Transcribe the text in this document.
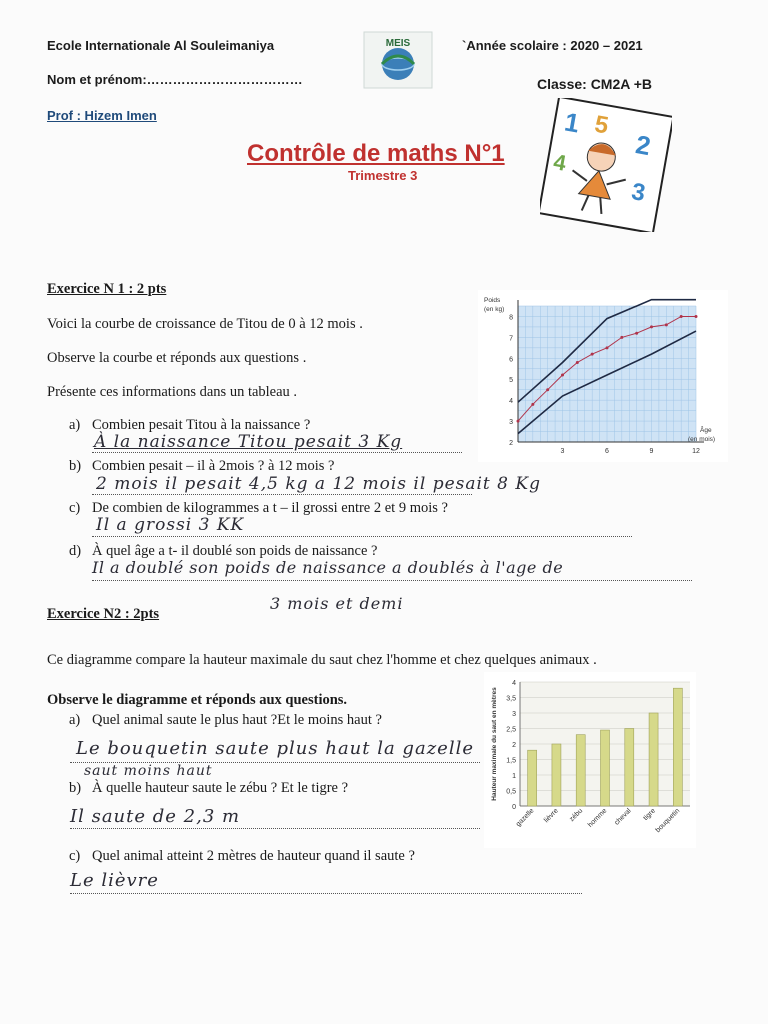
Ecole Internationale Al Souleimaniya
Nom et prénom:………………………………
Prof : Hizem Imen
`Année scolaire : 2020 – 2021
Classe: CM2A +B
MEIS
Contrôle de maths N°1
Trimestre 3
1 5
2
4
3
Exercice N 1 : 2 pts
Voici la courbe de croissance de Titou de 0 à 12 mois .
Observe la courbe et réponds aux questions .
Présente ces informations dans un tableau .
a) Combien pesait Titou à la naissance ?
À la naissance Titou pesait 3 Kg
b) Combien pesait – il à 2mois ? à 12 mois ?
2 mois il pesait 4,5 kg a 12 mois il pesait 8 Kg
c) De combien de kilogrammes a t – il grossi entre 2 et 9 mois ?
Il a grossi 3 KK
d) À quel âge a t- il doublé son poids de naissance ?
Il a doublé son poids de naissance a doublés à l'age de
3 mois et demi
2
3
4
5
6
7
8
3	6	9	12
Poids
(en kg)
Âge
(en mois)
Exercice N2 : 2pts
Ce diagramme compare la hauteur maximale du saut chez l'homme et chez quelques animaux .
Observe le diagramme et réponds aux questions.
a) Quel animal saute le plus haut ?Et le moins haut ?
Le bouquetin saute plus haut la gazelle
saut moins haut
b) À quelle hauteur saute le zébu ? Et le tigre ?
Il saute de 2,3 m
c) Quel animal atteint 2 mètres de hauteur quand il saute ?
Le lièvre
0
0,5
1
1,5
2
2,5
3
3,5
4
Hauteur maximale du saut en mètres
gazelle lièvre zébu homme cheval tigre
bouquetin
